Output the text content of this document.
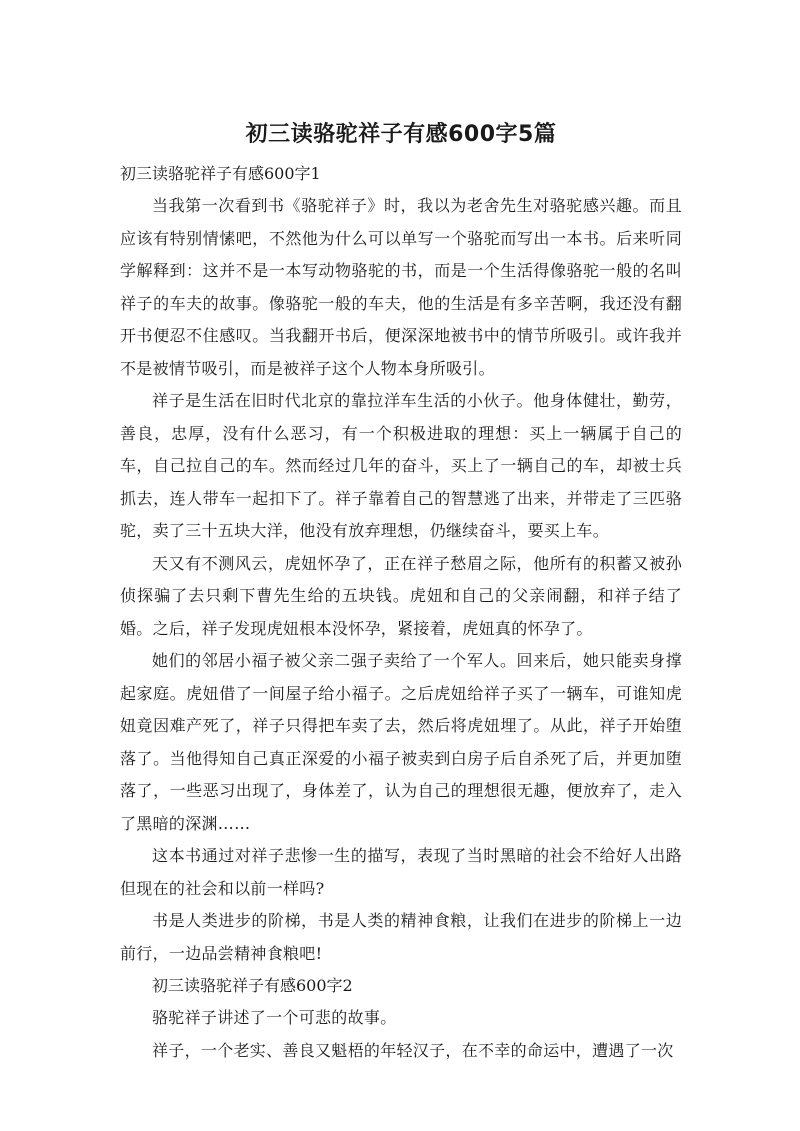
初三读骆驼祥子有感600字5篇

初三读骆驼祥子有感600字1

当我第一次看到书《骆驼祥子》时，我以为老舍先生对骆驼感兴趣。而且应该有特别情愫吧，不然他为什么可以单写一个骆驼而写出一本书。后来听同学解释到：这并不是一本写动物骆驼的书，而是一个生活得像骆驼一般的名叫祥子的车夫的故事。像骆驼一般的车夫，他的生活是有多辛苦啊，我还没有翻开书便忍不住感叹。当我翻开书后，便深深地被书中的情节所吸引。或许我并不是被情节吸引，而是被祥子这个人物本身所吸引。

祥子是生活在旧时代北京的靠拉洋车生活的小伙子。他身体健壮，勤劳，善良，忠厚，没有什么恶习，有一个积极进取的理想：买上一辆属于自己的车，自己拉自己的车。然而经过几年的奋斗，买上了一辆自己的车，却被士兵抓去，连人带车一起扣下了。祥子靠着自己的智慧逃了出来，并带走了三匹骆驼，卖了三十五块大洋，他没有放弃理想，仍继续奋斗，要买上车。

天又有不测风云，虎妞怀孕了，正在祥子愁眉之际，他所有的积蓄又被孙侦探骗了去只剩下曹先生给的五块钱。虎妞和自己的父亲闹翻，和祥子结了婚。之后，祥子发现虎妞根本没怀孕，紧接着，虎妞真的怀孕了。

她们的邻居小福子被父亲二强子卖给了一个军人。回来后，她只能卖身撑起家庭。虎妞借了一间屋子给小福子。之后虎妞给祥子买了一辆车，可谁知虎妞竟因难产死了，祥子只得把车卖了去，然后将虎妞埋了。从此，祥子开始堕落了。当他得知自己真正深爱的小福子被卖到白房子后自杀死了后，并更加堕落了，一些恶习出现了，身体差了，认为自己的理想很无趣，便放弃了，走入了黑暗的深渊……

这本书通过对祥子悲惨一生的描写，表现了当时黑暗的社会不给好人出路但现在的社会和以前一样吗?

书是人类进步的阶梯，书是人类的精神食粮，让我们在进步的阶梯上一边前行，一边品尝精神食粮吧!

初三读骆驼祥子有感600字2

骆驼祥子讲述了一个可悲的故事。

祥子，一个老实、善良又魁梧的年轻汉子，在不幸的命运中，遭遇了一次
